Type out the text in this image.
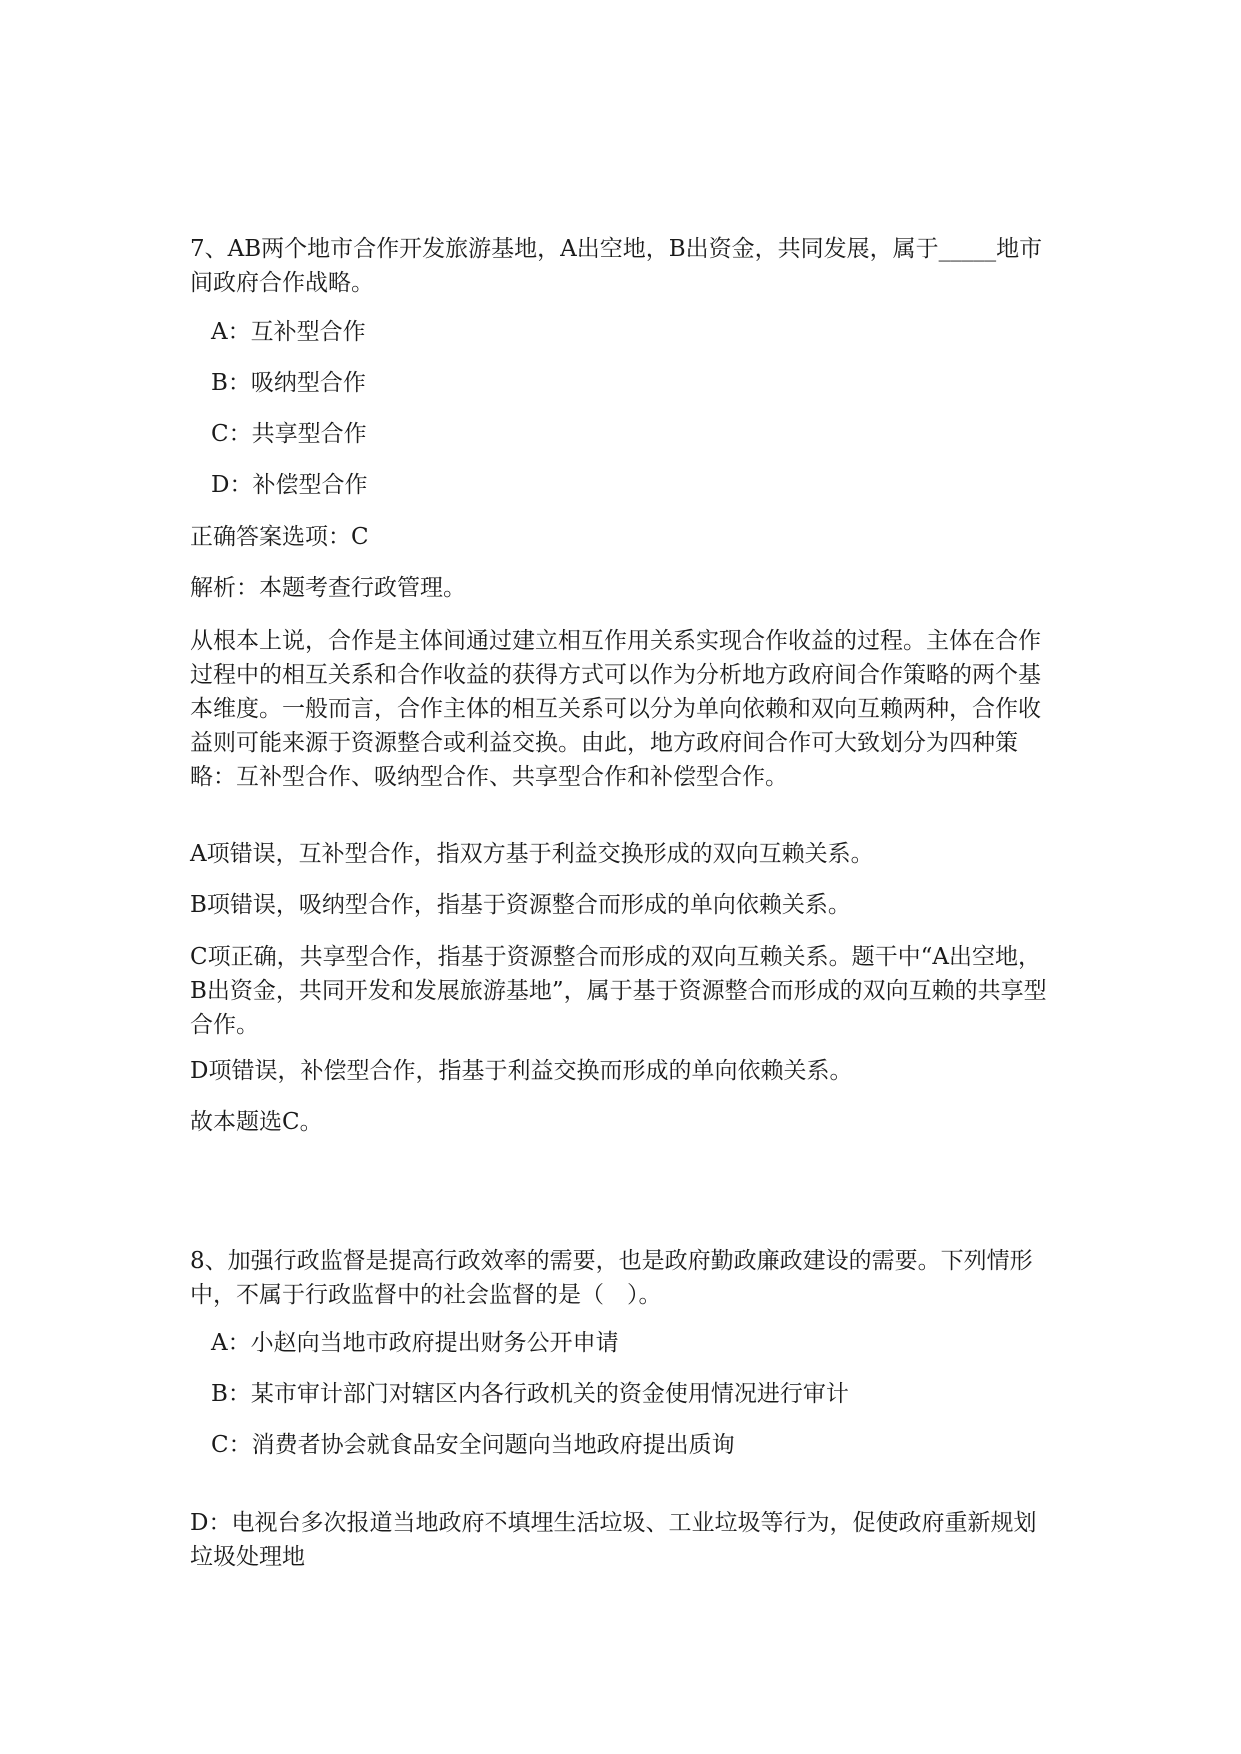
7、AB两个地市合作开发旅游基地，A出空地，B出资金，共同发展，属于_____地市间政府合作战略。

A：互补型合作

B：吸纳型合作

C：共享型合作

D：补偿型合作

正确答案选项：C

解析：本题考查行政管理。

从根本上说，合作是主体间通过建立相互作用关系实现合作收益的过程。主体在合作过程中的相互关系和合作收益的获得方式可以作为分析地方政府间合作策略的两个基本维度。一般而言，合作主体的相互关系可以分为单向依赖和双向互赖两种，合作收益则可能来源于资源整合或利益交换。由此，地方政府间合作可大致划分为四种策略：互补型合作、吸纳型合作、共享型合作和补偿型合作。

A项错误，互补型合作，指双方基于利益交换形成的双向互赖关系。

B项错误，吸纳型合作，指基于资源整合而形成的单向依赖关系。

C项正确，共享型合作，指基于资源整合而形成的双向互赖关系。题干中“A出空地，B出资金，共同开发和发展旅游基地”，属于基于资源整合而形成的双向互赖的共享型合作。

D项错误，补偿型合作，指基于利益交换而形成的单向依赖关系。

故本题选C。

8、加强行政监督是提高行政效率的需要，也是政府勤政廉政建设的需要。下列情形中，不属于行政监督中的社会监督的是（　）。

A：小赵向当地市政府提出财务公开申请

B：某市审计部门对辖区内各行政机关的资金使用情况进行审计

C：消费者协会就食品安全问题向当地政府提出质询

D：电视台多次报道当地政府不填埋生活垃圾、工业垃圾等行为，促使政府重新规划垃圾处理地
